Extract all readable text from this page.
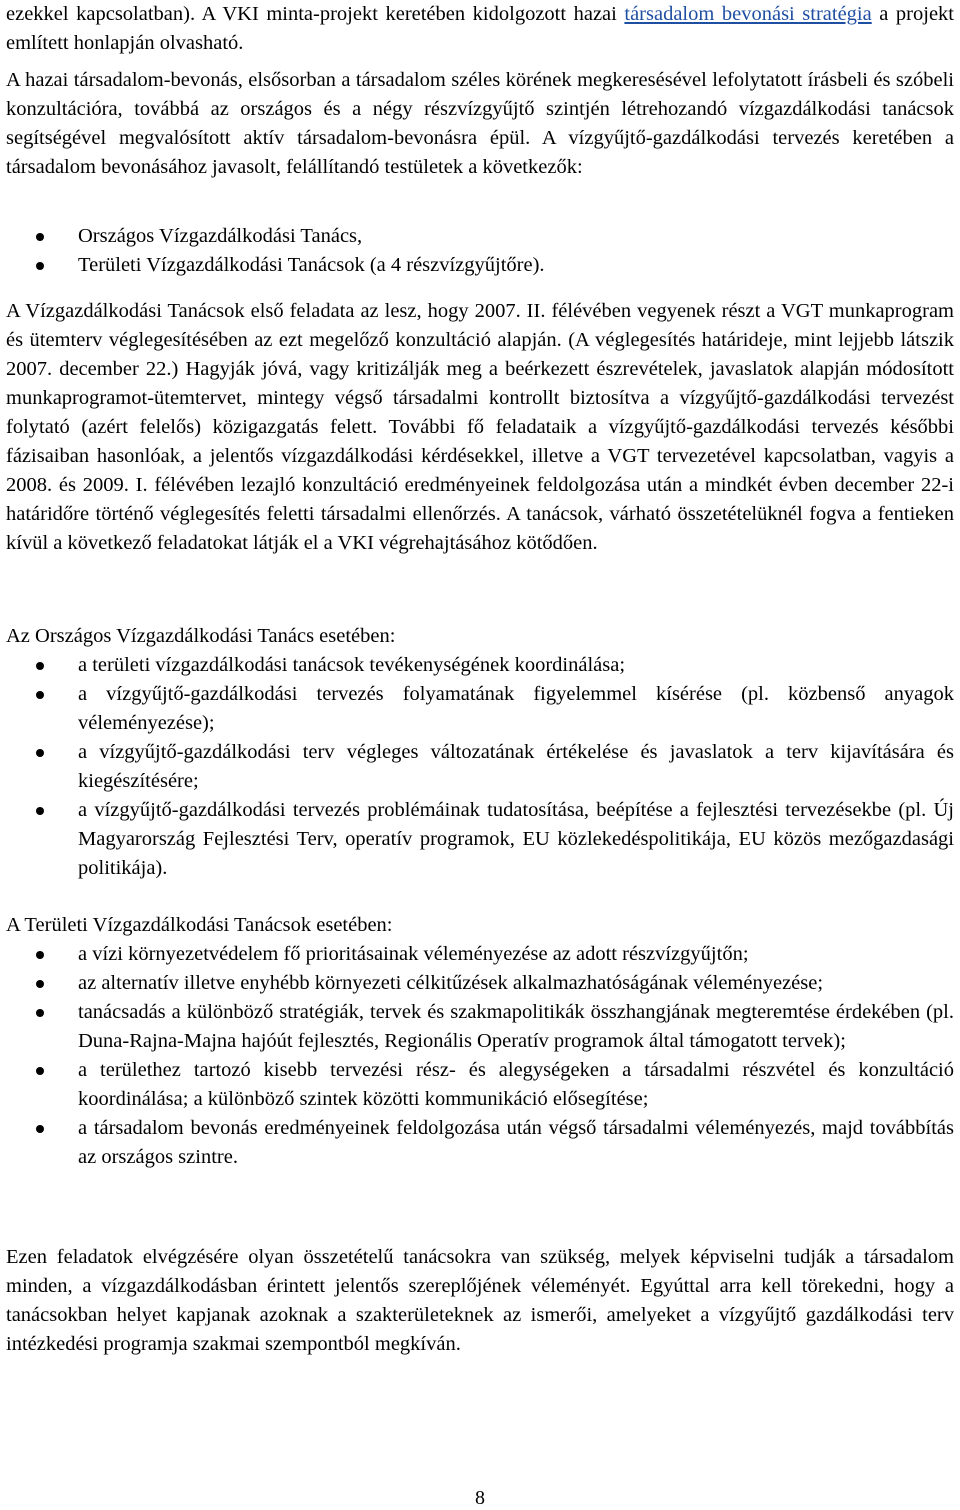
ezekkel kapcsolatban). A VKI minta-projekt keretében kidolgozott hazai társadalom bevonási stratégia a projekt említett honlapján olvasható.

A hazai társadalom-bevonás, elsősorban a társadalom széles körének megkeresésével lefolytatott írásbeli és szóbeli konzultációra, továbbá az országos és a négy részvízgyűjtő szintjén létrehozandó vízgazdálkodási tanácsok segítségével megvalósított aktív társadalom-bevonásra épül. A vízgyűjtő-gazdálkodási tervezés keretében a társadalom bevonásához javasolt, felállítandó testületek a következők:

Országos Vízgazdálkodási Tanács,
Területi Vízgazdálkodási Tanácsok (a 4 részvízgyűjtőre).

A Vízgazdálkodási Tanácsok első feladata az lesz, hogy 2007. II. félévében vegyenek részt a VGT munkaprogram és ütemterv véglegesítésében az ezt megelőző konzultáció alapján. (A véglegesítés határideje, mint lejjebb látszik 2007. december 22.) Hagyják jóvá, vagy kritizálják meg a beérkezett észrevételek, javaslatok alapján módosított munkaprogramot-ütemtervet, mintegy végső társadalmi kontrollt biztosítva a vízgyűjtő-gazdálkodási tervezést folytató (azért felelős) közigazgatás felett. További fő feladataik a vízgyűjtő-gazdálkodási tervezés későbbi fázisaiban hasonlóak, a jelentős vízgazdálkodási kérdésekkel, illetve a VGT tervezetével kapcsolatban, vagyis a 2008. és 2009. I. félévében lezajló konzultáció eredményeinek feldolgozása után a mindkét évben december 22-i határidőre történő véglegesítés feletti társadalmi ellenőrzés. A tanácsok, várható összetételüknél fogva a fentieken kívül a következő feladatokat látják el a VKI végrehajtásához kötődően.

Az Országos Vízgazdálkodási Tanács esetében:

a területi vízgazdálkodási tanácsok tevékenységének koordinálása;
a vízgyűjtő-gazdálkodási tervezés folyamatának figyelemmel kísérése (pl. közbenső anyagok véleményezése);
a vízgyűjtő-gazdálkodási terv végleges változatának értékelése és javaslatok a terv kijavítására és kiegészítésére;
a vízgyűjtő-gazdálkodási tervezés problémáinak tudatosítása, beépítése a fejlesztési tervezésekbe (pl. Új Magyarország Fejlesztési Terv, operatív programok, EU közlekedéspolitikája, EU közös mezőgazdasági politikája).

A Területi Vízgazdálkodási Tanácsok esetében:

a vízi környezetvédelem fő prioritásainak véleményezése az adott részvízgyűjtőn;
az alternatív illetve enyhébb környezeti célkitűzések alkalmazhatóságának véleményezése;
tanácsadás a különböző stratégiák, tervek és szakmapolitikák összhangjának megteremtése érdekében (pl. Duna-Rajna-Majna hajóút fejlesztés, Regionális Operatív programok által támogatott tervek);
a területhez tartozó kisebb tervezési rész- és alegységeken a társadalmi részvétel és konzultáció koordinálása; a különböző szintek közötti kommunikáció elősegítése;
a társadalom bevonás eredményeinek feldolgozása után végső társadalmi véleményezés, majd továbbítás az országos szintre.

Ezen feladatok elvégzésére olyan összetételű tanácsokra van szükség, melyek képviselni tudják a társadalom minden, a vízgazdálkodásban érintett jelentős szereplőjének véleményét. Egyúttal arra kell törekedni, hogy a tanácsokban helyet kapjanak azoknak a szakterületeknek az ismerői, amelyeket a vízgyűjtő gazdálkodási terv intézkedési programja szakmai szempontból megkíván.

8
